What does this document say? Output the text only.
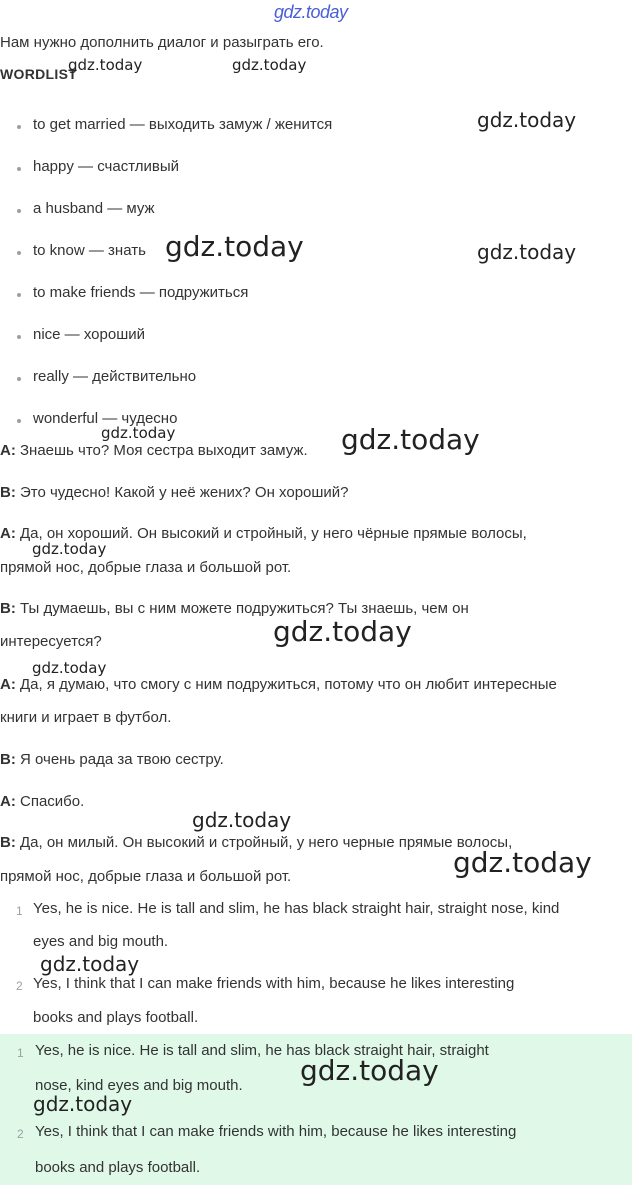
gdz.today
Нам нужно дополнить диалог и разыграть его.
WORDLIST
to get married — выходить замуж / женится
happy — счастливый
a husband — муж
to know — знать
to make friends — подружиться
nice — хороший
really — действительно
wonderful — чудесно
A: Знаешь что? Моя сестра выходит замуж.
B: Это чудесно! Какой у неё жених? Он хороший?
A: Да, он хороший. Он высокий и стройный, у него чёрные прямые волосы,
прямой нос, добрые глаза и большой рот.
B: Ты думаешь, вы с ним можете подружиться? Ты знаешь, чем он
интересуется?
A: Да, я думаю, что смогу с ним подружиться, потому что он любит интересные
книги и играет в футбол.
B: Я очень рада за твою сестру.
A: Спасибо.
B: Да, он милый. Он высокий и стройный, у него черные прямые волосы,
прямой нос, добрые глаза и большой рот.
1 Yes, he is nice. He is tall and slim, he has black straight hair, straight nose, kind
eyes and big mouth.
2 Yes, I think that I can make friends with him, because he likes interesting
books and plays football.
1 Yes, he is nice. He is tall and slim, he has black straight hair, straight
nose, kind eyes and big mouth.
2 Yes, I think that I can make friends with him, because he likes interesting
books and plays football.
gdz.today	gdz.today
gdz.today
gdz.today	gdz.today
gdz.today	gdz.today
gdz.today
gdz.today
gdz.today
gdz.today
gdz.today
gdz.today
gdz.today
gdz.today
